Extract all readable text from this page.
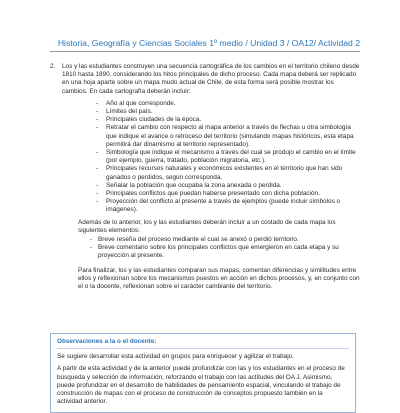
Historia, Geografía y Ciencias Sociales 1º medio / Unidad 3 / OA12/ Actividad 2
2.	Los y las estudiantes construyen una secuencia cartográfica de los cambios en el territorio chileno desde 1810 hasta 1890, considerando los hitos principales de dicho proceso. Cada mapa deberá ser replicado en una hoja aparte sobre un mapa mudo actual de Chile, de esta forma será posible mostrar los cambios. En cada cartografía deberán incluir:

- Año al que corresponde.
- Límites del país.
- Principales ciudades de la época.
- Retratar el cambio con respecto al mapa anterior a través de flechas u otra simbología que indique el avance o retroceso del territorio (simulando mapas históricos, esta etapa permitirá dar dinamismo al territorio representado).
- Simbología que indique el mecanismo a través del cual se produjo el cambio en el límite (por ejemplo, guerra, tratado, población migratoria, etc.).
- Principales recursos naturales y económicos existentes en el territorio que han sido ganados o perdidos, según corresponda.
- Señalar la población que ocupaba la zona anexada o perdida.
- Principales conflictos que puedan haberse presentado con dicha población.
- Proyección del conflicto al presente a través de ejemplos (puede incluir símbolos o imágenes).

Además de lo anterior, los y las estudiantes deberán incluir a un costado de cada mapa los siguientes elementos:

- Breve reseña del proceso mediante el cual se anexó o perdió territorio.
- Breve comentario sobre los principales conflictos que emergieron en cada etapa y su proyección al presente.

Para finalizar, los y las estudiantes comparan sus mapas, comentan diferencias y similitudes entre ellos y reflexionan sobre los mecanismos puestos en acción en dichos procesos, y, en conjunto con el o la docente, reflexionan sobre el carácter cambiante del territorio.

Observaciones a la o el docente:

Se sugiere desarrollar esta actividad en grupos para enriquecer y agilizar el trabajo.

A partir de esta actividad y de la anterior puede profundizar con las y los estudiantes en el proceso de búsqueda y selección de información, reforzando el trabajo con las actitudes del OA J. Asimismo, puede profundizar en el desarrollo de habilidades de pensamiento espacial, vinculando el trabajo de construcción de mapas con el proceso de construcción de conceptos propuesto también en la actividad anterior.
